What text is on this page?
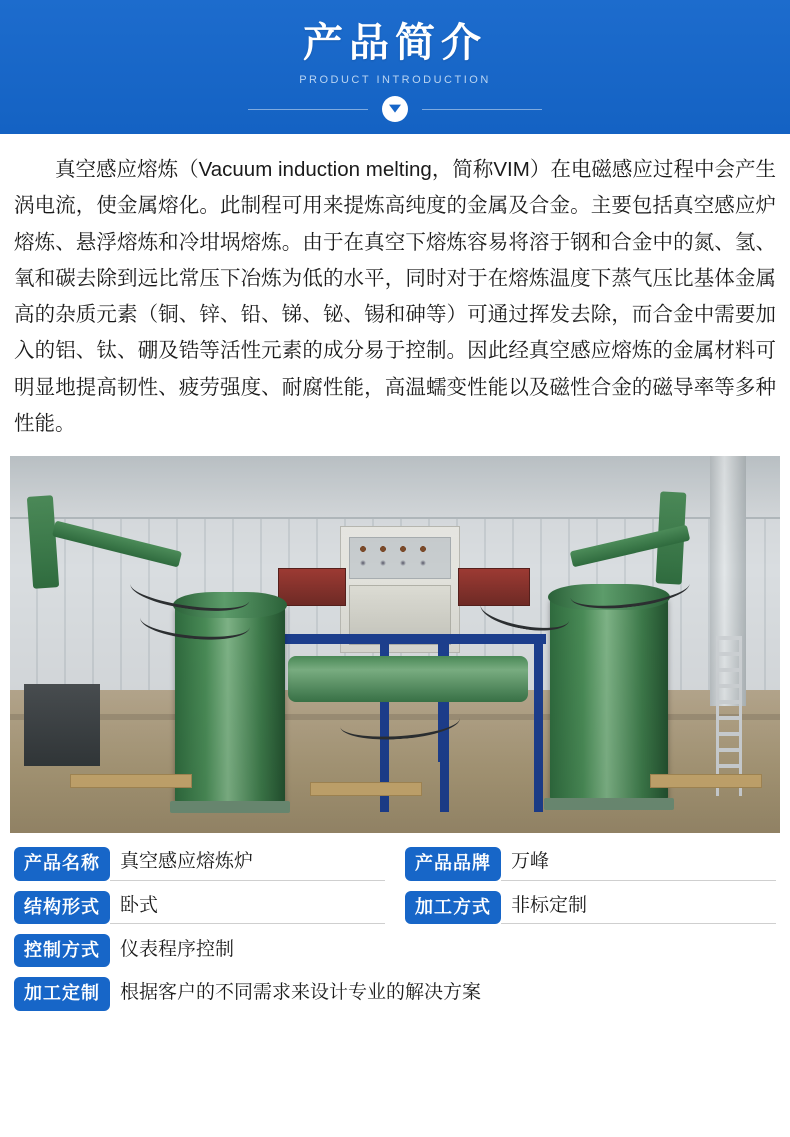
产品简介
PRODUCT INTRODUCTION
真空感应熔炼（Vacuum induction melting，简称VIM）在电磁感应过程中会产生涡电流，使金属熔化。此制程可用来提炼高纯度的金属及合金。主要包括真空感应炉熔炼、悬浮熔炼和冷坩埚熔炼。由于在真空下熔炼容易将溶于钢和合金中的氮、氢、氧和碳去除到远比常压下冶炼为低的水平，同时对于在熔炼温度下蒸气压比基体金属高的杂质元素（铜、锌、铅、锑、铋、锡和砷等）可通过挥发去除，而合金中需要加入的铝、钛、硼及锆等活性元素的成分易于控制。因此经真空感应熔炼的金属材料可明显地提高韧性、疲劳强度、耐腐性能，高温蠕变性能以及磁性合金的磁导率等多种性能。
产品名称	真空感应熔炼炉	产品品牌	万峰
结构形式	卧式	加工方式	非标定制
控制方式	仪表程序控制
加工定制	根据客户的不同需求来设计专业的解决方案
